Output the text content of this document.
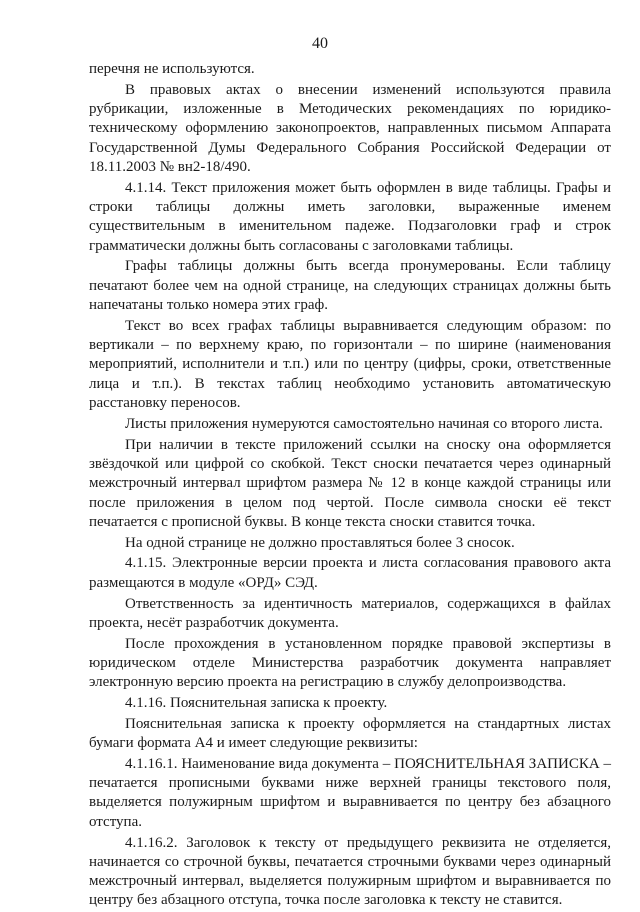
40

перечня не используются.

В правовых актах о внесении изменений используются правила рубрикации, изложенные в Методических рекомендациях по юридико-техническому оформлению законопроектов, направленных письмом Аппарата Государственной Думы Федерального Собрания Российской Федерации от 18.11.2003 № вн2-18/490.

4.1.14. Текст приложения может быть оформлен в виде таблицы. Графы и строки таблицы должны иметь заголовки, выраженные именем существительным в именительном падеже. Подзаголовки граф и строк грамматически должны быть согласованы с заголовками таблицы.

Графы таблицы должны быть всегда пронумерованы. Если таблицу печатают более чем на одной странице, на следующих страницах должны быть напечатаны только номера этих граф.

Текст во всех графах таблицы выравнивается следующим образом: по вертикали – по верхнему краю, по горизонтали – по ширине (наименования мероприятий, исполнители и т.п.) или по центру (цифры, сроки, ответственные лица и т.п.). В текстах таблиц необходимо установить автоматическую расстановку переносов.

Листы приложения нумеруются самостоятельно начиная со второго листа.

При наличии в тексте приложений ссылки на сноску она оформляется звёздочкой или цифрой со скобкой. Текст сноски печатается через одинарный межстрочный интервал шрифтом размера № 12 в конце каждой страницы или после приложения в целом под чертой. После символа сноски её текст печатается с прописной буквы. В конце текста сноски ставится точка.

На одной странице не должно проставляться более 3 сносок.

4.1.15. Электронные версии проекта и листа согласования правового акта размещаются в модуле «ОРД» СЭД.

Ответственность за идентичность материалов, содержащихся в файлах проекта, несёт разработчик документа.

После прохождения в установленном порядке правовой экспертизы в юридическом отделе Министерства разработчик документа направляет электронную версию проекта на регистрацию в службу делопроизводства.

4.1.16. Пояснительная записка к проекту.

Пояснительная записка к проекту оформляется на стандартных листах бумаги формата А4 и имеет следующие реквизиты:

4.1.16.1. Наименование вида документа – ПОЯСНИТЕЛЬНАЯ ЗАПИСКА – печатается прописными буквами ниже верхней границы текстового поля, выделяется полужирным шрифтом и выравнивается по центру без абзацного отступа.

4.1.16.2. Заголовок к тексту от предыдущего реквизита не отделяется, начинается со строчной буквы, печатается строчными буквами через одинарный межстрочный интервал, выделяется полужирным шрифтом и выравнивается по центру без абзацного отступа, точка после заголовка к тексту не ставится.
